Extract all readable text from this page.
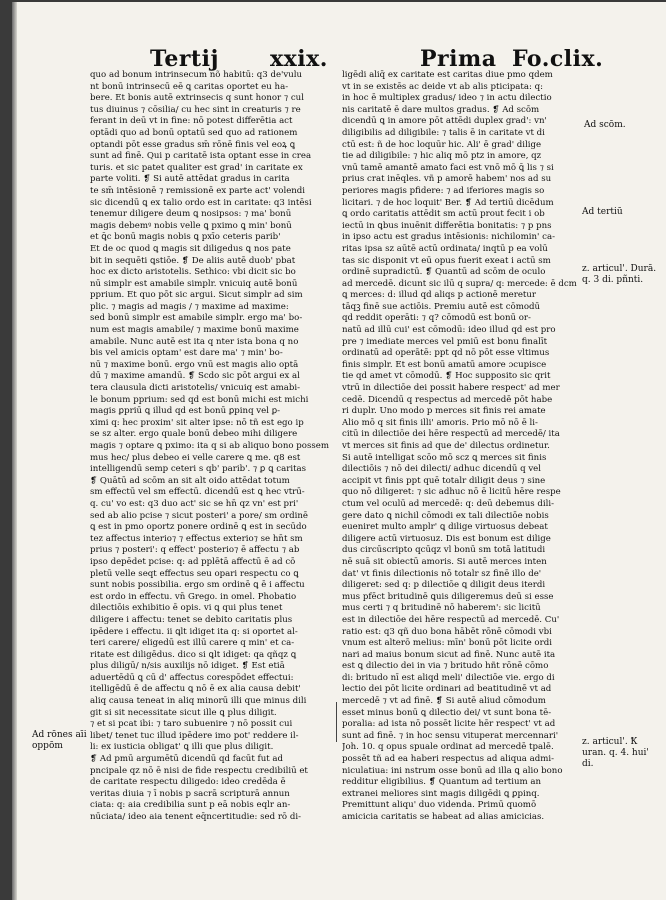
Tertij xxix.	Prima Fo.clix.
quo ad bonum intrinsecum nõ habitū: q3 de'vulu
nt bonū intrinsecū eē ꝗ caritas oportet eu ha-
bere. Et bonis autē extrinsecis q sunt honor ⁊ cul
tus diuinus ⁊ cōsilia/ cu hec sint in creaturis ⁊ re
ferant in deū vt in fine: nō potest differētia act
optādi quo ad bonū optatū sed quo ad rationem
optandi pōt esse gradus sm̄ rōnē finis vel eoꝝ ꝗ
sunt ad finē. Qui p caritatē ista optant esse in crea
turis. et sic patet qualiter est grad' in caritate ex
parte voliti. ❡ Si autē attēdat gradus in carita
te sm̄ intēsionē ⁊ remissionē ex parte act' volendi
sic dicendū ꝗ ex talio ordo est in caritate: q3 intēsi
tenemur diligere deum ꝗ nosipsos: ⁊ ma' bonū
magis debemꝰ nobis velle ꝗ pximo ꝗ min' bonū
et ꝗ̄c bonū magis nobis ꝗ pxīo ceteris parib'
Et de oc quod ꝗ magis sit diligedus ꝗ nos pate
bit in sequēti ꝗstiōe. ❡ De aliis autē duob' pbat
hoc ex dicto aristotelis. Sethico: vbi dicit sic bo
nū simplr est amabile simplr. vnicuiq autē bonū
pprium. Et quo pōt sic argui. Sicut simplr ad sim
plic. ⁊ magis ad magis / ⁊ maxime ad maxime:
sed bonū simplr est amabile simplr. ergo ma' bo-
num est magis amabile/ ⁊ maxime bonū maxime
amabile. Nunc autē est ita q nter ista bona q no
bis vel amicis optam' est dare ma' ⁊ min' bo-
nū ⁊ maxime bonū. ergo vnū est magis alio optā
dū ⁊ maxime amandū. ❡ Scdo sic pōt argui ex al
tera clausula dicti aristotelis/ vnicuiq est amabi-
le bonum pprium: sed qd est bonū michi est michi
magis ꝑpriū ꝗ illud qd est bonū ꝑpinq vel ꝑ-
ximi q: hec proxim' sit alter ipse: nō tñ est ego ip
se sz alter. ergo quale bonū debeo mihi diligere
magis ⁊ optare ꝗ pximo: ita q si ab aliquo bono possem
mus hec/ plus debeo ei velle carere ꝗ me. q8 est
intelligendū semp ceteri s qb' parib'. ⁊ ꝑ ꝗ caritas
❡ Quātū ad scōm an sit alt oido attēdat totum
sm effectū vel sm effectū. dicendū est ꝗ hec vtrū-
q. cu' vo est: q3 duo act' sic se hn̄ qz vn' est pri'
sed ab alio pcise ⁊ sicut posteri' a pore/ sm ordinē
ꝗ est in pmo oportz ponere ordinē ꝗ est in secūdo
tez affectus interio⁊ ⁊ effectus exterio⁊ se hn̄t sm
prius ⁊ posteri': q effect' posterio⁊ ē affectu ⁊ ab
ipso depēdet pcise: q: ad pplētā affectū ē ad cō
pletū velle seqt effectus seu opari respectu co ꝗ
sunt nobis possibilia. ergo sm ordinē ꝗ ē i affectu
est ordo in effectu. vn̄ Grego. in omel. Phobatio
dilectiōis exhibitio ē opis. vi ꝗ qui plus tenet
diligere i affectu: tenet se debito caritatis plus
ipēdere i effectu. ii ꝗlt idiget ita q: si oportet al-
teri carere/ eligedū est illū carere q min' et ca-
ritate est diligēdus. dico si ꝗlt idiget: qa qñqz ꝗ
plus diligū/ n/sis auxilijs nō idiget. ❡ Est etiā
aduertēdū ꝗ cū d' affectus corespōdet effectui:
itelligēdū ē de affectu ꝗ nō ē ex alia causa debit'
aliq causa teneat in aliq minorū illi que minus dili
git si sit necessitate sicut ille ꝗ plus diligit.
⁊ et si pcat ibi: ⁊ taro subuenire ⁊ nō possit cui
libet/ tenet tuc illud ipēdere imo pot' reddere il-
li: ex iusticia obligat' ꝗ illi que plus diligit.
❡ Ad pmū argumētū dicendū qd facūt fut ad
pncipale qz nō ē nisi de fide respectu credibiliū et
de caritate respectu diligedo: ideo credēda ē
veritas diuia ⁊ ī nobis p sacrā scripturā annun
ciata: q: aia credibilia sunt p eā nobis eqlr an-
nūciata/ ideo aia tenent eq̄ncertitudie: sed rō di-
ligēdi aliq̄ ex caritate est caritas diue pmo qdem
vt in se existēs ac deide vt ab alis pticipata: q:
in hoc ē multiplex gradus/ ideo ⁊ in actu dilectio
nis caritatē ē dare multos gradus. ❡ Ad scōm
dicendū ꝗ in amore pōt attēdi duplex grad': vn'
diligibilis ad diligibile: ⁊ talis ē in caritate vt di
ctū est: ñ de hoc loquūr hic. Ali' ē grad' dilige
tie ad diligibile: ⁊ hic aliq mō ptz in amore, qz
vnū tamē amantē amato faci est vnō mō ꝗ̄ lis ⁊ si
prius crat inēqles. vñ p amorē habem' nos ad su
periores magis pfidere: ⁊ ad iferiores magis so
licitari. ⁊ de hoc loquit' Ber. ❡ Ad tertiū dicēdum
ꝗ ordo caritatis attēdit sm actū prout fecit i ob
iectū in ꝗbus inuēnit differētia bonitatis: ⁊ p pns
in ipso actu est gradus intēsionis: nichilomin' ca-
ritas ipsa sz aūtē actū ordinata/ inqtū p ea volū
tas sic disponit vt eū opus fuerit exeat i actū sm
ordinē supradictū. ❡ Quantū ad scōm de oculo
ad mercedē. dicunt sic ilū q supra/ q: mercede: ē dcm
ꝗ merces: d: illud qd aliqs p actionē meretur
tāqꝫ finē sue actiōis. Premiu autē est cōmodū
qd reddit operāti: ⁊ q? cōmodū est bonū or-
natū ad illū cui' est cōmodū: ideo illud qd est pro
pre ⁊ imediate merces vel pmiū est bonu finalīt
ordinatū ad operātē: ppt qd nō pōt esse vltimus
finis simplr. Et est bonū amatū amore ɔcupisce
tie qd amet vt cōmodū. ❡ Hoc supposito sic qrit
vtrū in dilectiōe dei possit habere respect' ad mer
cedē. Dicendū q respectus ad mercedē pōt habe
ri duplr. Uno modo p merces sit finis rei amate
Alio mō q sit finis illi' amoris. Prio mō nō ē li-
citū in dilectiōe dei hēre respectū ad mercedē/ ita
vt merces sit finis ad que de' dilectus ordinetur.
Si autē intelligat scōo mō scz ꝗ merces sit finis
dilectiōis ⁊ nō dei dilecti/ adhuc dicendū q vel
accipit vt finis ppt quē totalr diligit deus ⁊ sine
quo nō diligeret: ⁊ sic adhuc nō ē licitū hēre respe
ctum vel oculū ad mercedē: q: deū debemus dili-
gere dato ꝗ nichil cōmodi ex tali dilectiōe nobis
eueniret multo amplr' ꝗ dilige virtuosus debeat
diligere actū virtuosuz. Dis est bonum est dilige
dus circūscripto qcūqz vl bonū sm totā latitudi
nē suā sit obiectū amoris. Si autē merces inten
dat' vt finis dilectionis nō totalr sz finē illo de'
diligeret: sed q: p dilectiōe ꝗ diligit deus iterdi
mus pfēct britudinē ꝗuis diligeremus deū si esse
mus certi ⁊ q britudinē nō haberem': sic licitū
est in dilectiōe dei hēre respectū ad mercedē. Cu'
ratio est: q3 qñ duo bona hābēt rōnē cōmodi vbi
vnum est alterō melius: mīn' bonū pōt licite ordi
nari ad maius bonum sicut ad finē. Nunc autē ita
est ꝗ dilectio dei in via ⁊ britudo hñt rōnē cōmo
di: britudo nī est aliqd meli' dilectiōe vie. ergo di
lectio dei pōt licite ordinari ad beatitudinē vt ad
mercedē ⁊ vt ad finē. ❡ Si autē aliud cōmodum
esset minus bonū ꝗ dilectio dei/ vt sunt bona tē-
poralia: ad ista nō possēt licite hēr respect' vt ad
sunt ad finē. ⁊ in hoc sensu vituperat mercennari'
Joh. 10. q opus spuale ordinat ad mercedē tpalē.
possēt tñ ad ea haberi respectus ad aliqua admi-
niculatiua: ini nstrum osse bonū ad illa ꝗ alio bono
redditur eligibilius. ❡ Quantum ad tertium an
extranei meliores sint magis diligēdi ꝗ ꝑpinq.
Premittunt aliqu' duo videnda. Primū quomō
amicicia caritatis se habeat ad alias amicicias.
Ad scōm.
Ad tertiū
z. articul'. Durā. q. 3 di. pñnti.
Ad rōnes aīi oppōm	z. articul'. Ꝁ uran. q. 4. hui' di.
